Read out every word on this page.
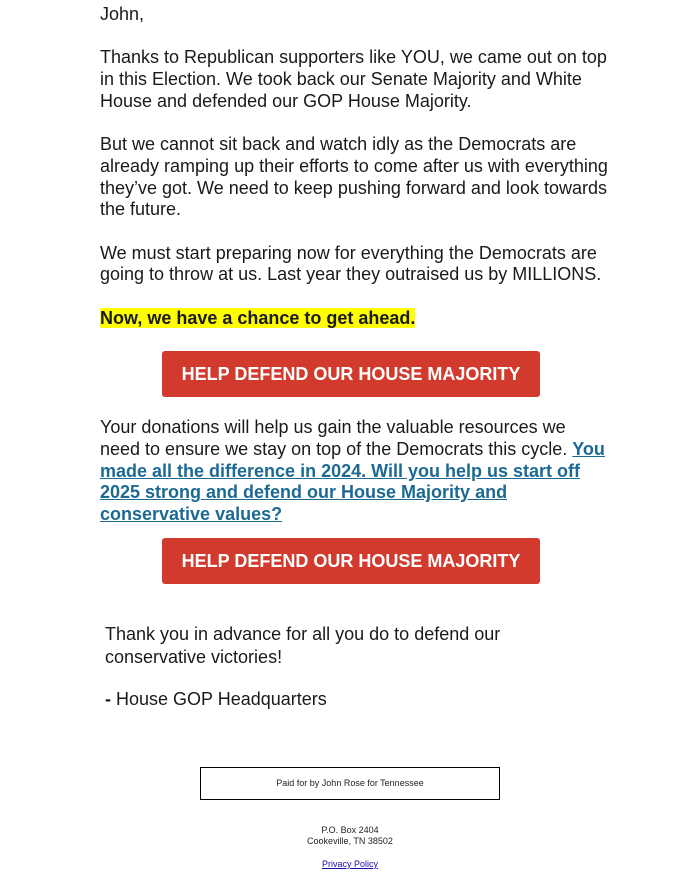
John,

Thanks to Republican supporters like YOU, we came out on top in this Election. We took back our Senate Majority and White House and defended our GOP House Majority.

But we cannot sit back and watch idly as the Democrats are already ramping up their efforts to come after us with everything they’ve got. We need to keep pushing forward and look towards the future.

We must start preparing now for everything the Democrats are going to throw at us. Last year they outraised us by MILLIONS.

Now, we have a chance to get ahead.

HELP DEFEND OUR HOUSE MAJORITY

Your donations will help us gain the valuable resources we need to ensure we stay on top of the Democrats this cycle. You made all the difference in 2024. Will you help us start off 2025 strong and defend our House Majority and conservative values?

HELP DEFEND OUR HOUSE MAJORITY
Thank you in advance for all you do to defend our conservative victories!
- House GOP Headquarters
Paid for by John Rose for Tennessee
P.O. Box 2404
Cookeville, TN 38502
Privacy Policy
